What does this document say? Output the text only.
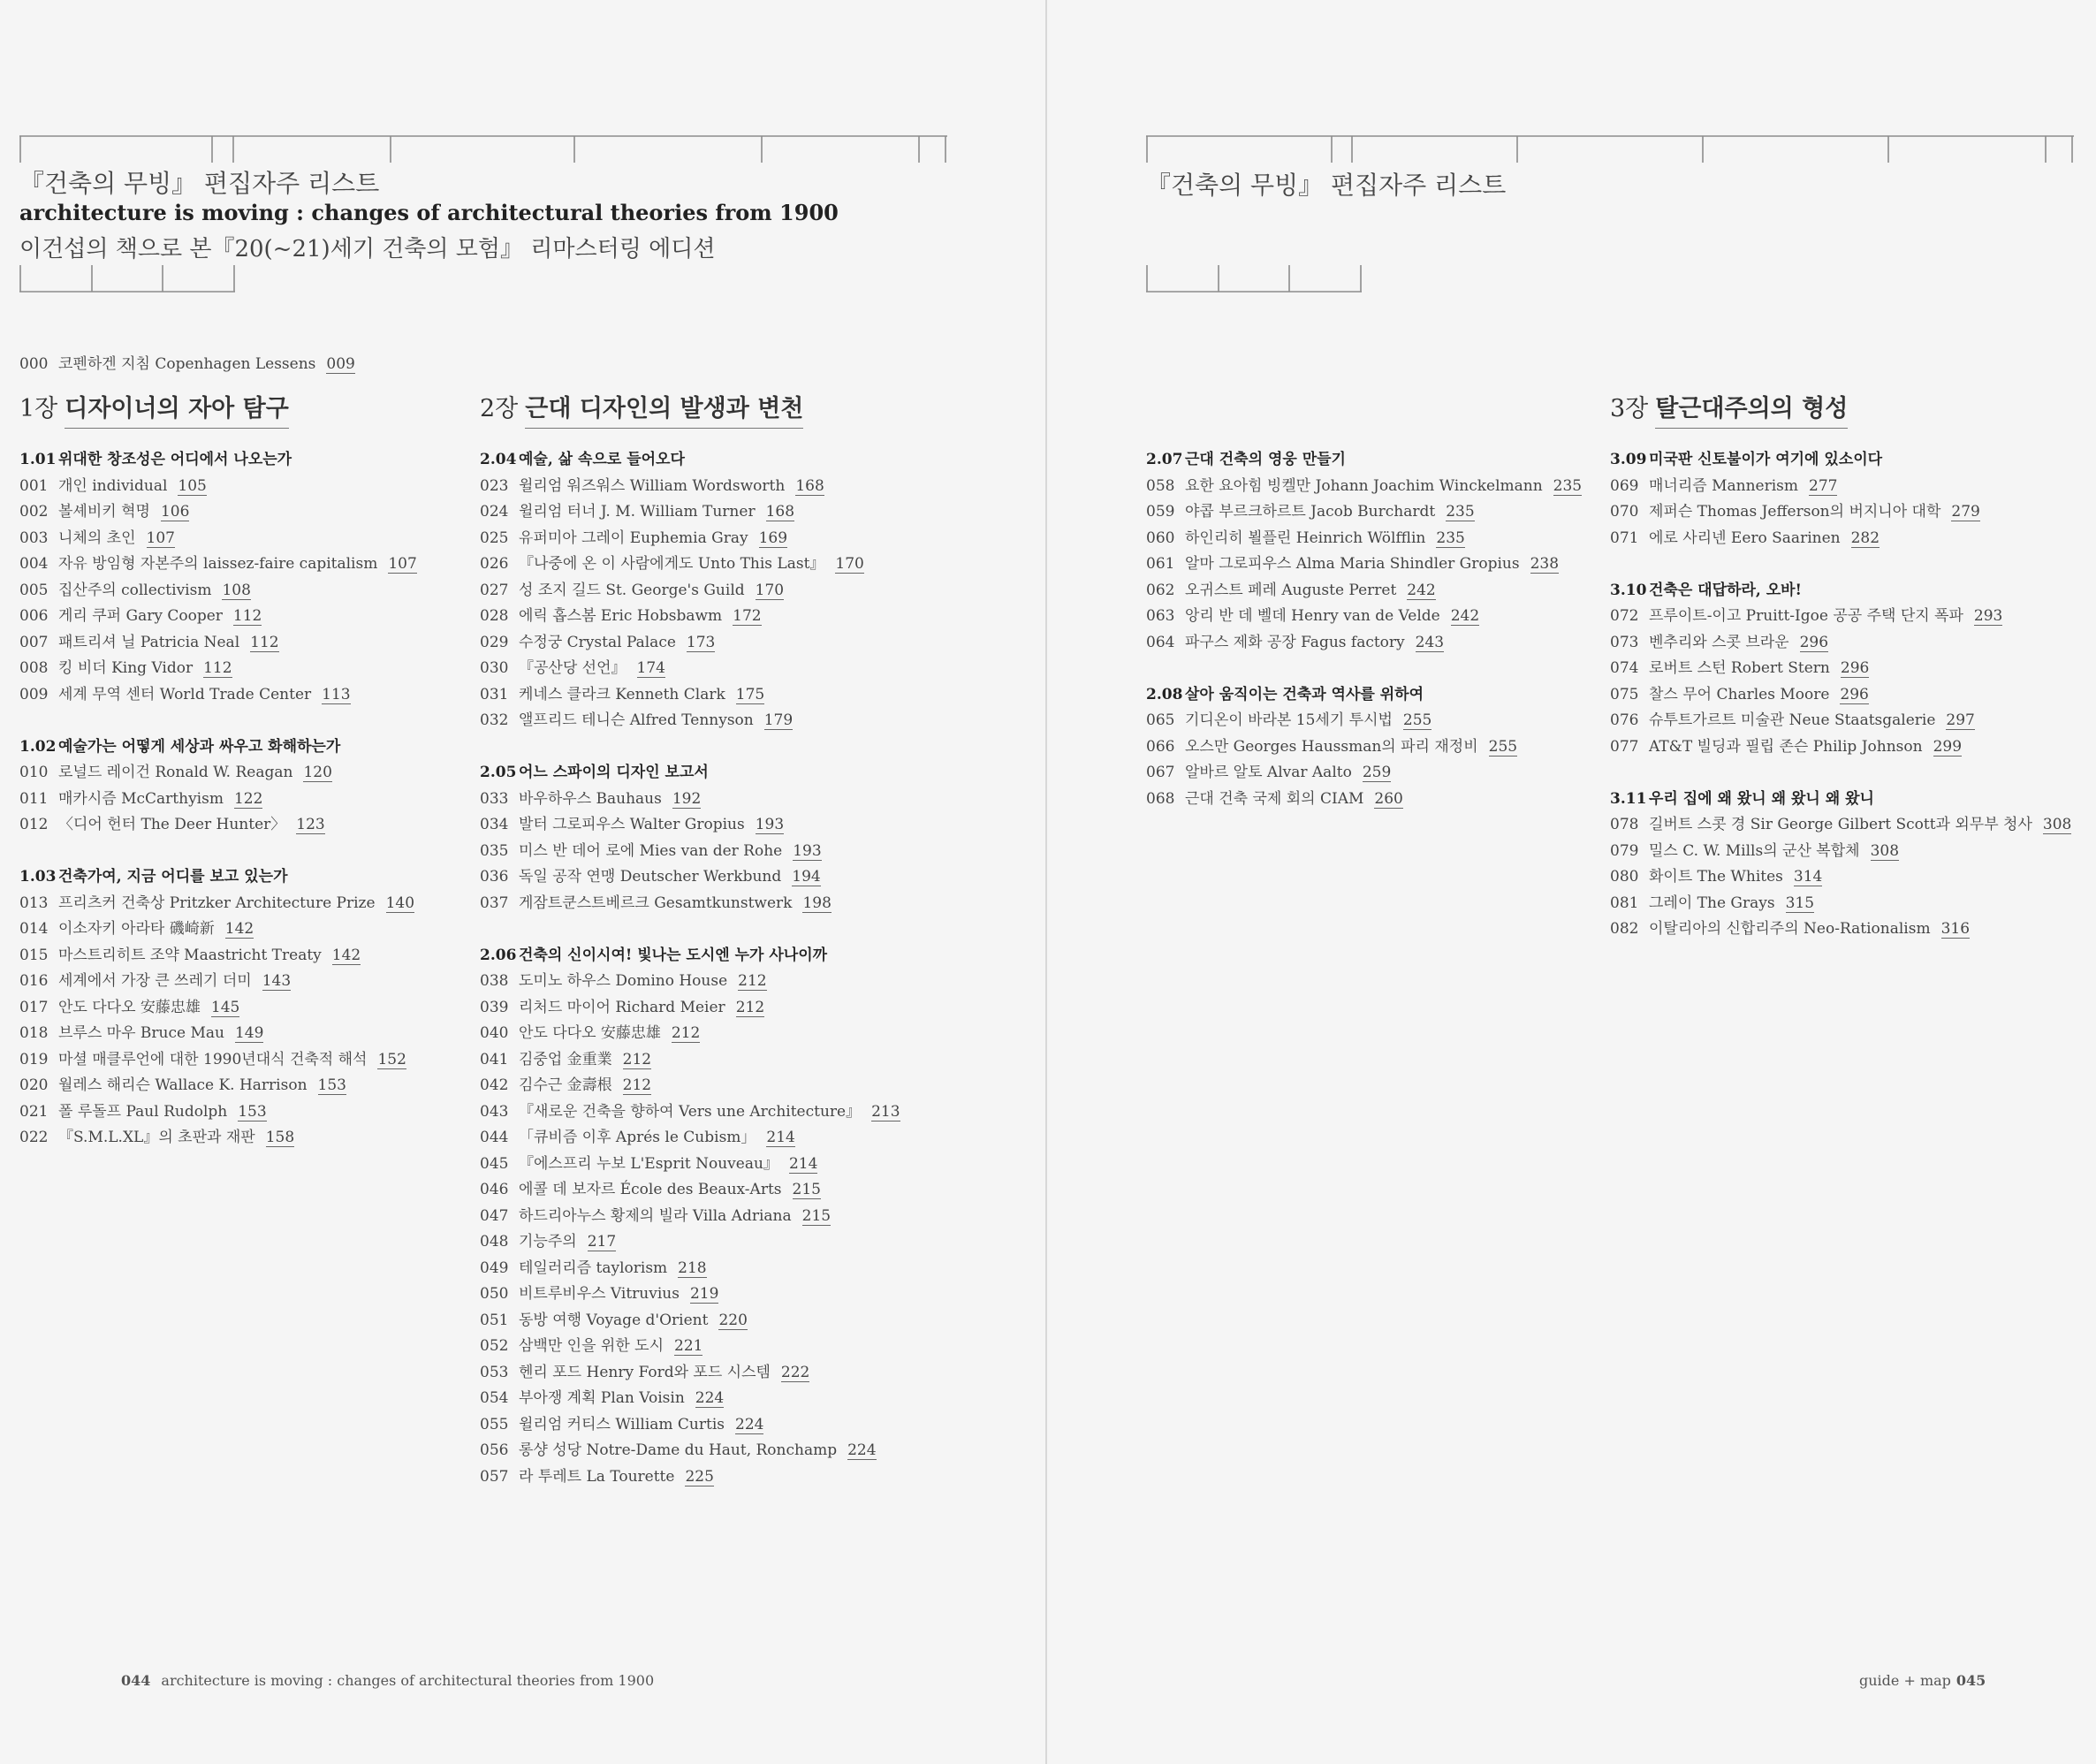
『건축의 무빙』 편집자주 리스트
architecture is moving : changes of architectural theories from 1900
이건섭의 책으로 본『20(~21)세기 건축의 모험』 리마스터링 에디션
000 코펜하겐 지침 Copenhagen Lessens 009
1장 디자이너의 자아 탐구
1.01 위대한 창조성은 어디에서 나오는가
001 개인 individual 105
002 볼셰비키 혁명 106
003 니체의 초인 107
004 자유 방임형 자본주의 laissez-faire capitalism 107
005 집산주의 collectivism 108
006 게리 쿠퍼 Gary Cooper 112
007 패트리셔 닐 Patricia Neal 112
008 킹 비더 King Vidor 112
009 세계 무역 센터 World Trade Center 113
1.02 예술가는 어떻게 세상과 싸우고 화해하는가
010 로널드 레이건 Ronald W. Reagan 120
011 매카시즘 McCarthyism 122
012 〈디어 헌터 The Deer Hunter〉 123
1.03 건축가여, 지금 어디를 보고 있는가
013 프리츠커 건축상 Pritzker Architecture Prize 140
014 이소자키 아라타 磯崎新 142
015 마스트리히트 조약 Maastricht Treaty 142
016 세계에서 가장 큰 쓰레기 더미 143
017 안도 다다오 安藤忠雄 145
018 브루스 마우 Bruce Mau 149
019 마셜 매클루언에 대한 1990년대식 건축적 해석 152
020 월레스 해리슨 Wallace K. Harrison 153
021 폴 루돌프 Paul Rudolph 153
022 『S.M.L.XL』의 초판과 재판 158
2장 근대 디자인의 발생과 변천
2.04 예술, 삶 속으로 들어오다
023 윌리엄 워즈워스 William Wordsworth 168
024 윌리엄 터너 J. M. William Turner 168
025 유퍼미아 그레이 Euphemia Gray 169
026 『나중에 온 이 사람에게도 Unto This Last』 170
027 성 조지 길드 St. George's Guild 170
028 에릭 홉스봄 Eric Hobsbawm 172
029 수정궁 Crystal Palace 173
030 『공산당 선언』 174
031 케네스 클라크 Kenneth Clark 175
032 앨프리드 테니슨 Alfred Tennyson 179
2.05 어느 스파이의 디자인 보고서
033 바우하우스 Bauhaus 192
034 발터 그로피우스 Walter Gropius 193
035 미스 반 데어 로에 Mies van der Rohe 193
036 독일 공작 연맹 Deutscher Werkbund 194
037 게잠트쿤스트베르크 Gesamtkunstwerk 198
2.06 건축의 신이시여! 빛나는 도시엔 누가 사나이까
038 도미노 하우스 Domino House 212
039 리처드 마이어 Richard Meier 212
040 안도 다다오 安藤忠雄 212
041 김중업 金重業 212
042 김수근 金壽根 212
043 『새로운 건축을 향하여 Vers une Architecture』 213
044 「큐비즘 이후 Aprés le Cubism」 214
045 『에스프리 누보 L'Esprit Nouveau』 214
046 에콜 데 보자르 École des Beaux-Arts 215
047 하드리아누스 황제의 빌라 Villa Adriana 215
048 기능주의 217
049 테일러리즘 taylorism 218
050 비트루비우스 Vitruvius 219
051 동방 여행 Voyage d'Orient 220
052 삼백만 인을 위한 도시 221
053 헨리 포드 Henry Ford와 포드 시스템 222
054 부아쟁 계획 Plan Voisin 224
055 윌리엄 커티스 William Curtis 224
056 롱샹 성당 Notre-Dame du Haut, Ronchamp 224
057 라 투레트 La Tourette 225
044 architecture is moving : changes of architectural theories from 1900
『건축의 무빙』 편집자주 리스트
2.07 근대 건축의 영웅 만들기
058 요한 요아힘 빙켈만 Johann Joachim Winckelmann 235
059 야콥 부르크하르트 Jacob Burchardt 235
060 하인리히 뵐플린 Heinrich Wölfflin 235
061 알마 그로피우스 Alma Maria Shindler Gropius 238
062 오귀스트 페레 Auguste Perret 242
063 앙리 반 데 벨데 Henry van de Velde 242
064 파구스 제화 공장 Fagus factory 243
2.08 살아 움직이는 건축과 역사를 위하여
065 기디온이 바라본 15세기 투시법 255
066 오스만 Georges Haussman의 파리 재정비 255
067 알바르 알토 Alvar Aalto 259
068 근대 건축 국제 회의 CIAM 260
3장 탈근대주의의 형성
3.09 미국판 신토불이가 여기에 있소이다
069 매너리즘 Mannerism 277
070 제퍼슨 Thomas Jefferson의 버지니아 대학 279
071 에로 사리넨 Eero Saarinen 282
3.10 건축은 대답하라, 오바!
072 프루이트-이고 Pruitt-Igoe 공공 주택 단지 폭파 293
073 벤추리와 스콧 브라운 296
074 로버트 스턴 Robert Stern 296
075 찰스 무어 Charles Moore 296
076 슈투트가르트 미술관 Neue Staatsgalerie 297
077 AT&T 빌딩과 필립 존슨 Philip Johnson 299
3.11 우리 집에 왜 왔니 왜 왔니 왜 왔니
078 길버트 스콧 경 Sir George Gilbert Scott과 외무부 청사 308
079 밀스 C. W. Mills의 군산 복합체 308
080 화이트 The Whites 314
081 그레이 The Grays 315
082 이탈리아의 신합리주의 Neo-Rationalism 316
guide + map 045
